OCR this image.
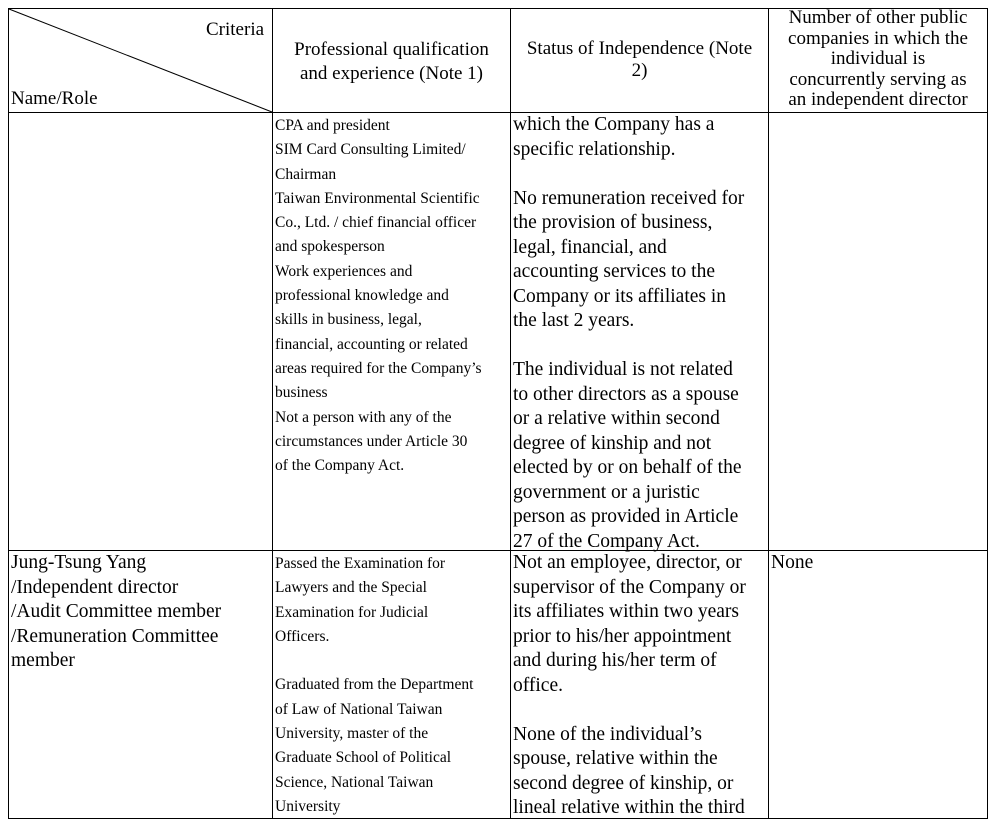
Criteria
Name/Role
Professional qualification
and experience (Note 1)
Status of Independence (Note
2)
Number of other public
companies in which the
individual is
concurrently serving as
an independent director
CPA and president
SIM Card Consulting Limited/
Chairman
Taiwan Environmental Scientific
Co., Ltd. / chief financial officer
and spokesperson
Work experiences and
professional knowledge and
skills in business, legal,
financial, accounting or related
areas required for the Company’s
business
Not a person with any of the
circumstances under Article 30
of the Company Act.
which the Company has a
specific relationship.

No remuneration received for
the provision of business,
legal, financial, and
accounting services to the
Company or its affiliates in
the last 2 years.

The individual is not related
to other directors as a spouse
or a relative within second
degree of kinship and not
elected by or on behalf of the
government or a juristic
person as provided in Article
27 of the Company Act.
Jung-Tsung Yang
/Independent director
/Audit Committee member
/Remuneration Committee
member
Passed the Examination for
Lawyers and the Special
Examination for Judicial
Officers.

Graduated from the Department
of Law of National Taiwan
University, master of the
Graduate School of Political
Science, National Taiwan
University
Not an employee, director, or
supervisor of the Company or
its affiliates within two years
prior to his/her appointment
and during his/her term of
office.

None of the individual’s
spouse, relative within the
second degree of kinship, or
lineal relative within the third
None
